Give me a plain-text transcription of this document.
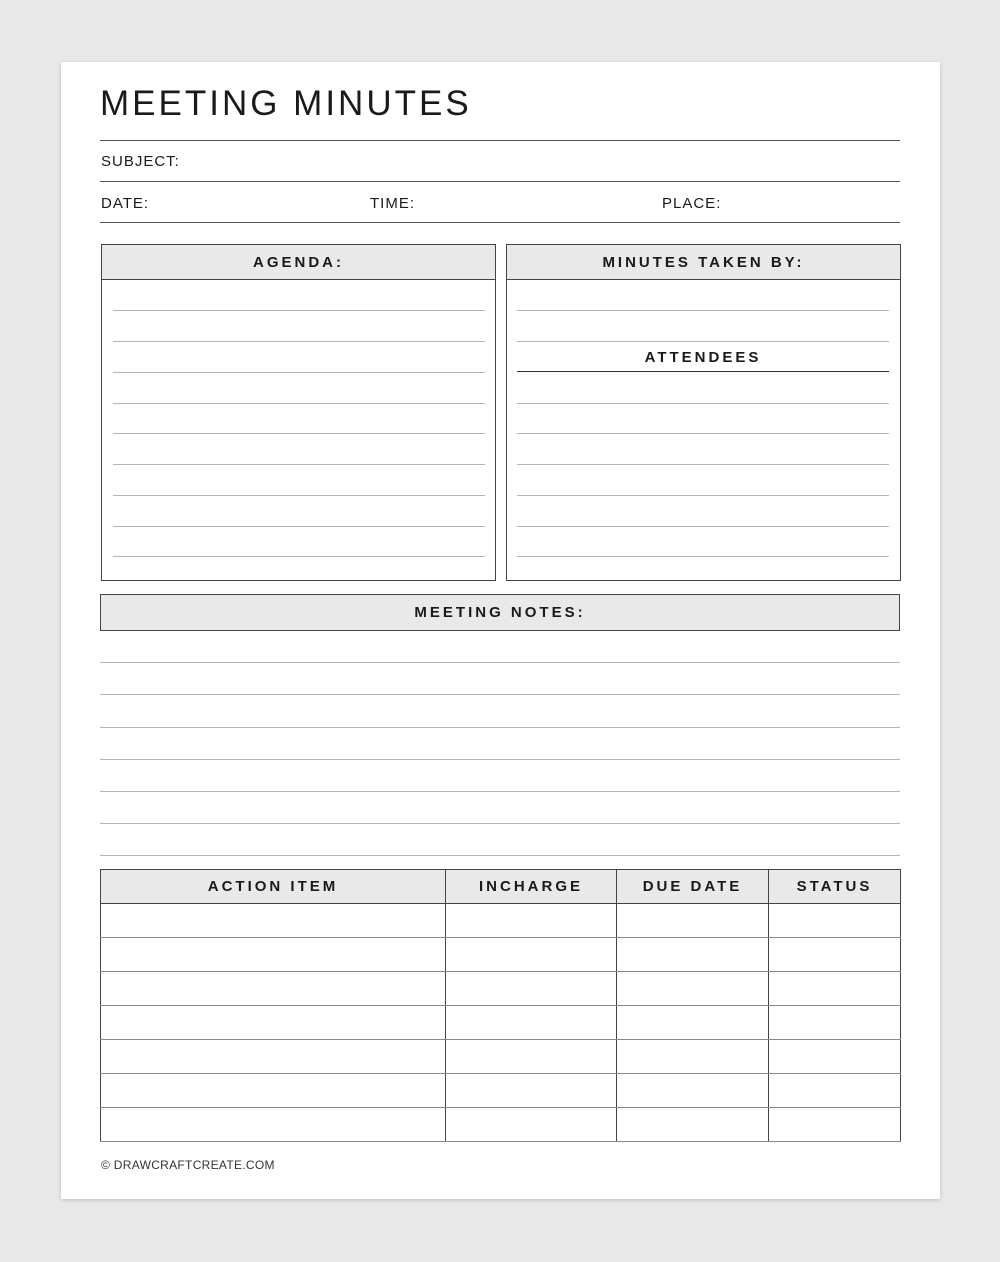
MEETING MINUTES
SUBJECT:
DATE:	TIME:	PLACE:
AGENDA:	MINUTES TAKEN BY:
ATTENDEES
MEETING NOTES:
ACTION ITEM	INCHARGE	DUE DATE	STATUS

© DRAWCRAFTCREATE.COM
